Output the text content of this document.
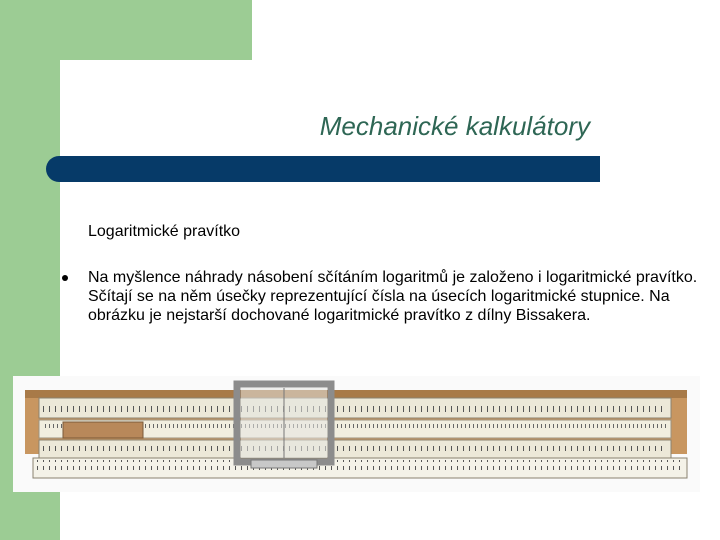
Mechanické kalkulátory

Logaritmické pravítko

Na myšlence náhrady násobení sčítáním logaritmů je založeno i logaritmické pravítko. Sčítají se na něm úsečky reprezentující čísla na úsecích logaritmické stupnice. Na obrázku je nejstarší dochované logaritmické pravítko z dílny Bissakera.
